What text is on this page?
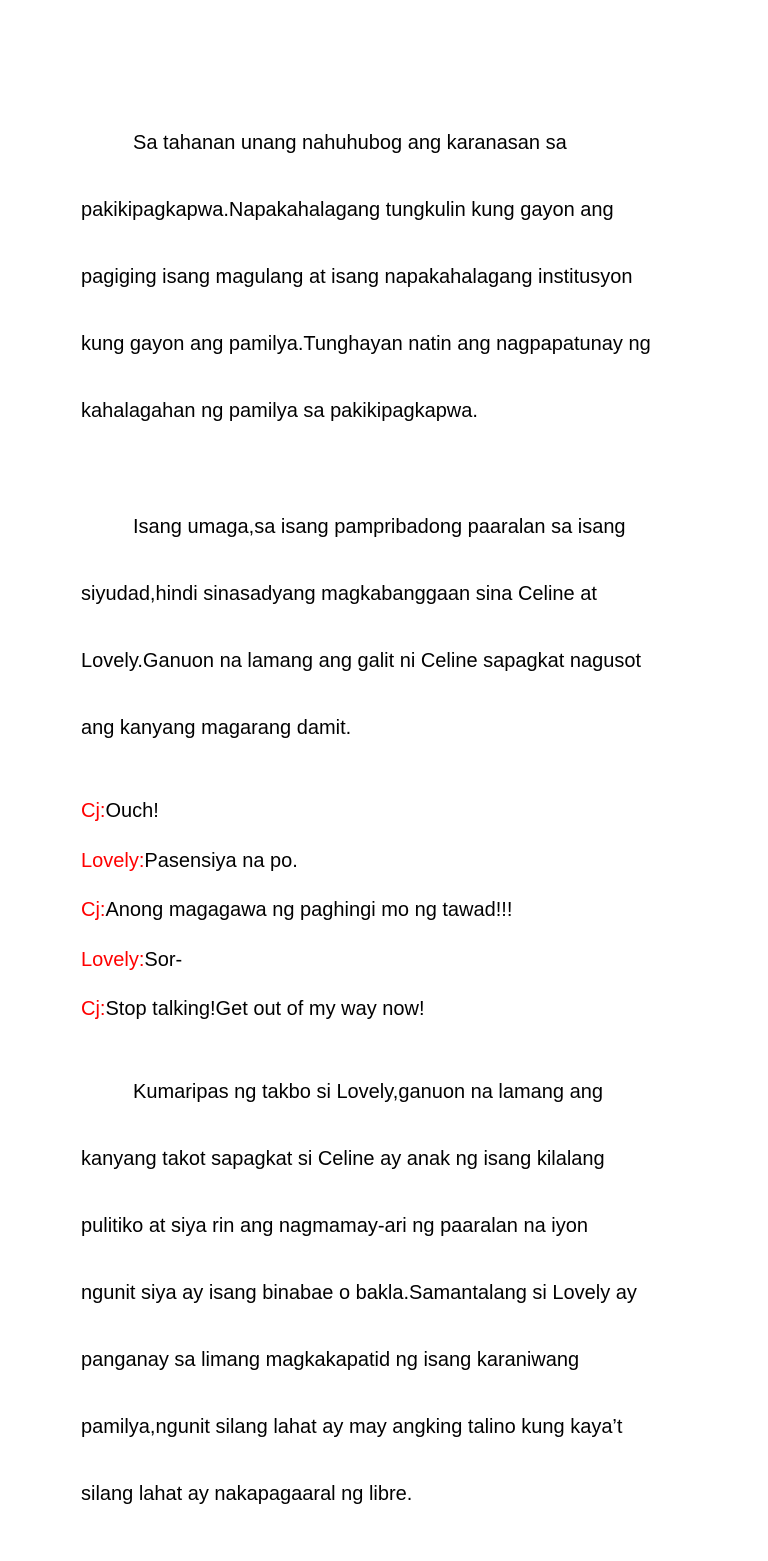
Sa tahanan unang nahuhubog ang karanasan sa

pakikipagkapwa.Napakahalagang tungkulin kung gayon ang

pagiging isang magulang at isang napakahalagang institusyon

kung gayon ang pamilya.Tunghayan natin ang nagpapatunay ng

kahalagahan ng pamilya sa pakikipagkapwa.

Isang umaga,sa isang pampribadong paaralan sa isang

siyudad,hindi sinasadyang magkabanggaan sina Celine at

Lovely.Ganuon na lamang ang galit ni Celine sapagkat nagusot

ang kanyang magarang damit.

Cj:Ouch!
Lovely:Pasensiya na po.
Cj:Anong magagawa ng paghingi mo ng tawad!!!
Lovely:Sor-
Cj:Stop talking!Get out of my way now!

Kumaripas ng takbo si Lovely,ganuon na lamang ang

kanyang takot sapagkat si Celine ay anak ng isang kilalang

pulitiko at siya rin ang nagmamay-ari ng paaralan na iyon

ngunit siya ay isang binabae o bakla.Samantalang si Lovely ay

panganay sa limang magkakapatid ng isang karaniwang

pamilya,ngunit silang lahat ay may angking talino kung kaya’t

silang lahat ay nakapagaaral ng libre.
